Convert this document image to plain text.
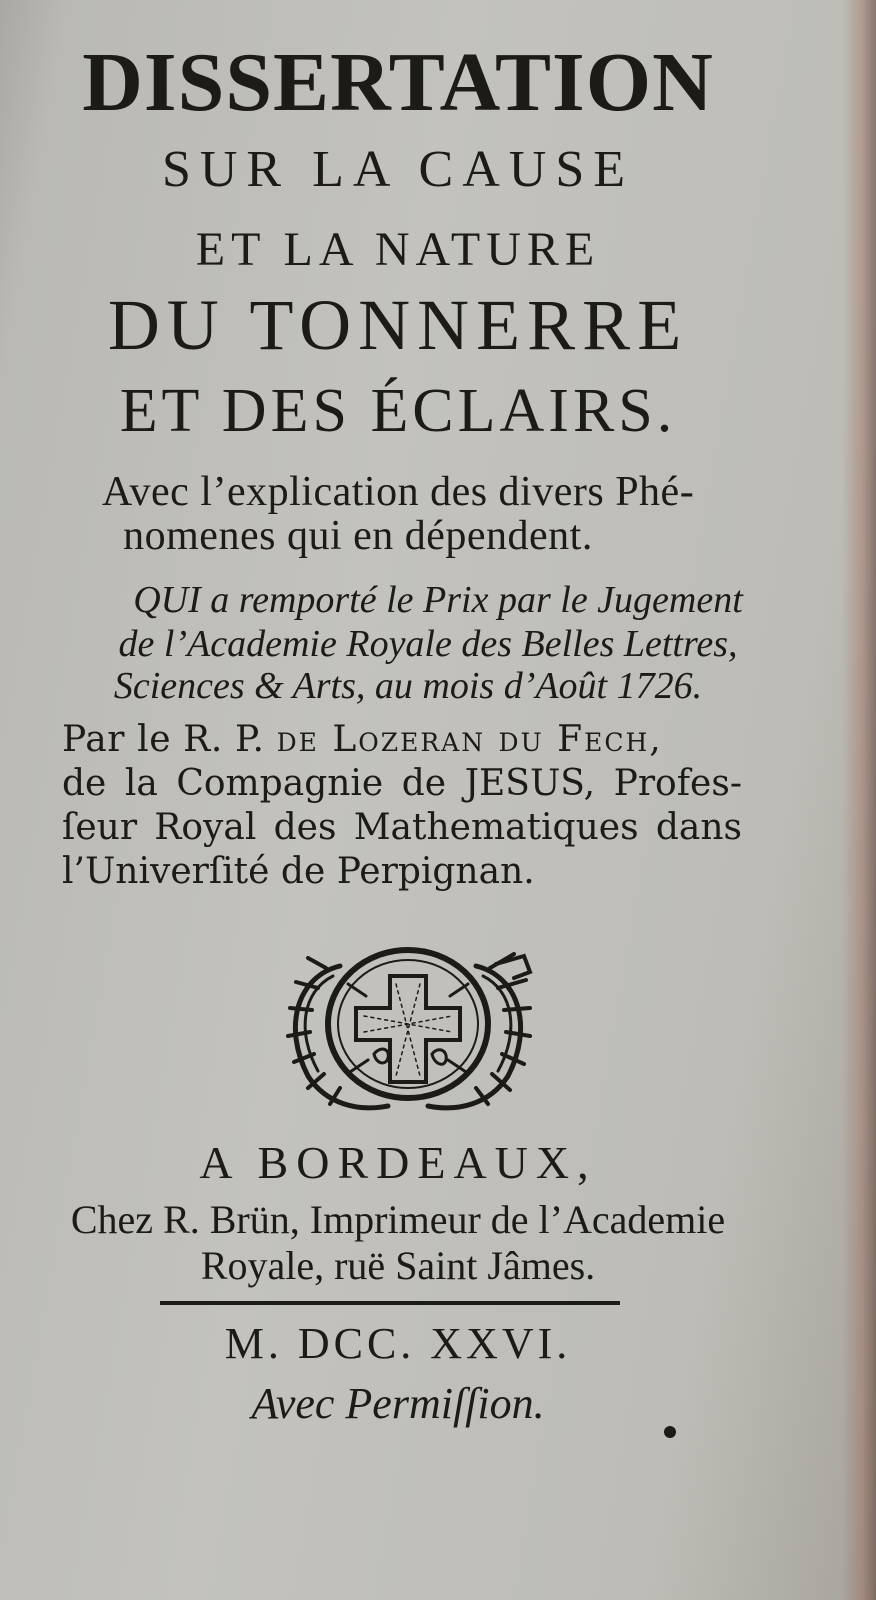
DISSERTATION

SUR LA CAUSE

ET LA NATURE

DU TONNERRE

ET DES ÉCLAIRS.

Avec l’explication des divers Phé-

nomenes qui en dépendent.

QUI a remporté le Prix par le Jugement

de l’Academie Royale des Belles Lettres,

Sciences & Arts, au mois d’Août 1726.

Par le R. P. de Lozeran du Fech,
de la Compagnie de JESUS, Profes-
ſeur Royal des Mathematiques dans
l’Univerſité de Perpignan.

A BORDEAUX,

Chez R. Brün, Imprimeur de l’Academie

Royale, ruë Saint Jâmes.

M. DCC. XXVI.

Avec Permiſſion.
